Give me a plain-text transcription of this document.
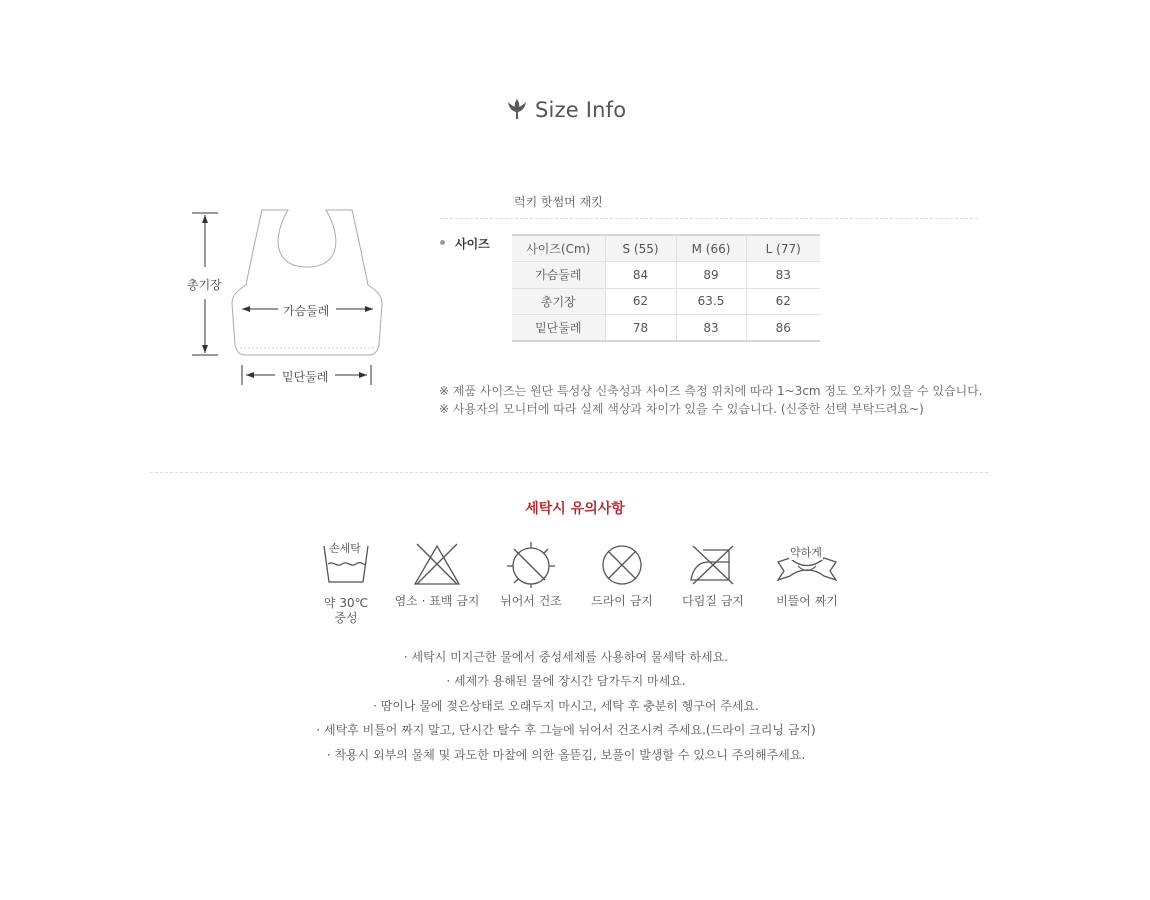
Size Info
총기장
가슴둘레
밑단둘레
럭키 핫썸머 재킷
사이즈	사이즈(Cm)	S (55)	M (66)	L (77)
가슴둘레	84	89	83
총기장	62	63.5	62
밑단둘레	78	83	86
※ 제품 사이즈는 원단 특성상 신축성과 사이즈 측정 위치에 따라 1~3cm 정도 오차가 있을 수 있습니다.
※ 사용자의 모니터에 따라 실제 색상과 차이가 있을 수 있습니다. (신중한 선택 부탁드려요~)
세탁시 유의사항
손세탁
약 30℃
중성
염소 · 표백 금지	뉘어서 건조	드라이 금지	다림질 금지
약하게
비뜰어 짜기
· 세탁시 미지근한 물에서 중성세제를 사용하여 물세탁 하세요.
· 세제가 용해된 물에 장시간 담가두지 마세요.
· 땀이나 물에 젖은상태로 오래두지 마시고, 세탁 후 충분히 헹구어 주세요.
· 세탁후 비틀어 짜지 말고, 단시간 탈수 후 그늘에 뉘어서 건조시켜 주세요.(드라이 크리닝 금지)
· 착용시 외부의 물체 및 과도한 마찰에 의한 올뜯김, 보풀이 발생할 수 있으니 주의해주세요.
